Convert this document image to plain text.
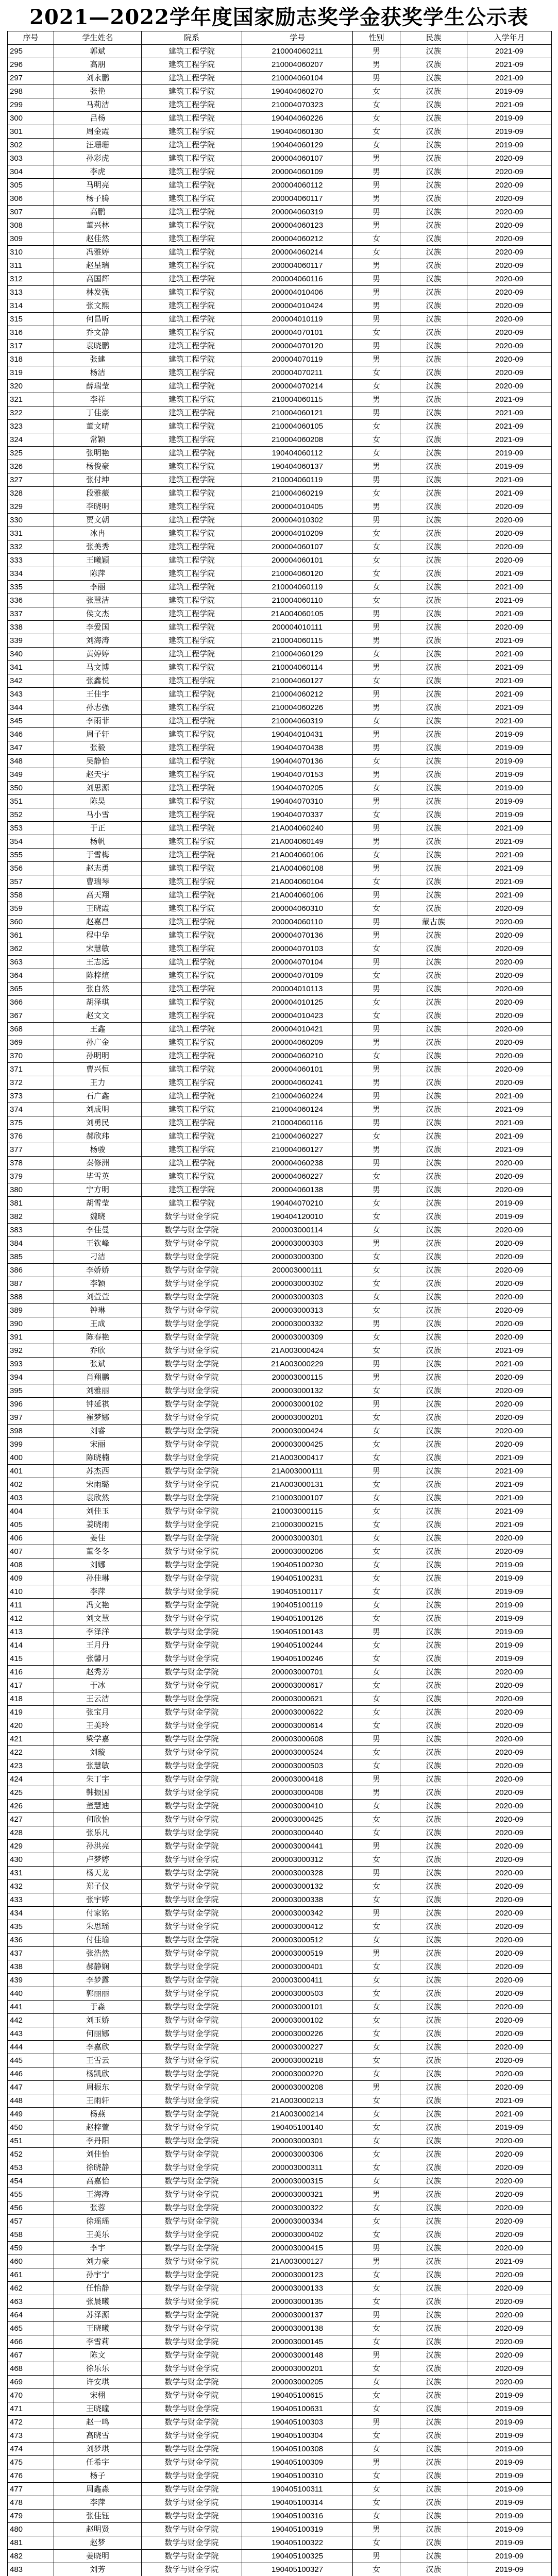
2021—2022学年度国家励志奖学金获奖学生公示表
序号	学生姓名	院系	学号	性别	民族	入学年月
295	郭斌	建筑工程学院	210004060211	男	汉族	2021-09
296	高朋	建筑工程学院	210004060207	男	汉族	2021-09
297	刘永鹏	建筑工程学院	210004060104	男	汉族	2021-09
298	张艳	建筑工程学院	190404060270	女	汉族	2019-09
299	马莉洁	建筑工程学院	210004070323	女	汉族	2021-09
300	吕杨	建筑工程学院	190404060226	女	汉族	2019-09
301	周金霞	建筑工程学院	190404060130	女	汉族	2019-09
302	汪珊珊	建筑工程学院	190404060129	女	汉族	2019-09
303	孙彩虎	建筑工程学院	200004060107	男	汉族	2020-09
304	李虎	建筑工程学院	200004060109	男	汉族	2020-09
305	马明亮	建筑工程学院	200004060112	男	汉族	2020-09
306	杨子腾	建筑工程学院	200004060117	男	汉族	2020-09
307	高鹏	建筑工程学院	200004060319	男	汉族	2020-09
308	董兴林	建筑工程学院	200004060123	男	汉族	2020-09
309	赵佳然	建筑工程学院	200004060212	女	汉族	2020-09
310	冯雅婷	建筑工程学院	200004060214	女	汉族	2020-09
311	赵星瑞	建筑工程学院	200004060117	男	汉族	2020-09
312	高国辉	建筑工程学院	200004060116	男	汉族	2020-09
313	林发强	建筑工程学院	200004010406	男	汉族	2020-09
314	张文熙	建筑工程学院	200004010424	男	汉族	2020-09
315	何昌昕	建筑工程学院	200004010119	男	汉族	2020-09
316	乔文静	建筑工程学院	200004070101	女	汉族	2020-09
317	袁晓鹏	建筑工程学院	200004070120	男	汉族	2020-09
318	张建	建筑工程学院	200004070119	男	汉族	2020-09
319	杨洁	建筑工程学院	200004070211	女	汉族	2020-09
320	薛瑞莹	建筑工程学院	200004070214	女	汉族	2020-09
321	李祥	建筑工程学院	210004060115	男	汉族	2021-09
322	丁佳豪	建筑工程学院	210004060121	男	汉族	2021-09
323	董文晴	建筑工程学院	210004060105	女	汉族	2021-09
324	常颖	建筑工程学院	210004060208	女	汉族	2021-09
325	张明艳	建筑工程学院	190404060112	女	汉族	2019-09
326	杨俊豪	建筑工程学院	190404060137	男	汉族	2019-09
327	张付坤	建筑工程学院	210004060119	男	汉族	2021-09
328	段雅薇	建筑工程学院	210004060219	女	汉族	2021-09
329	李晓明	建筑工程学院	200004010405	男	汉族	2020-09
330	贾文朝	建筑工程学院	200004010302	男	汉族	2020-09
331	冰冉	建筑工程学院	200004010209	女	汉族	2020-09
332	张美秀	建筑工程学院	200004060107	女	汉族	2020-09
333	王曦穎	建筑工程学院	200004060101	女	汉族	2020-09
334	陈萍	建筑工程学院	210004060120	女	汉族	2021-09
335	李丽	建筑工程学院	210004060119	女	汉族	2021-09
336	张慧洁	建筑工程学院	210004060110	女	汉族	2021-09
337	侯文杰	建筑工程学院	21A004060105	男	汉族	2021-09
338	李爱国	建筑工程学院	200004010111	男	汉族	2020-09
339	刘海涛	建筑工程学院	210004060115	男	汉族	2021-09
340	黄婷婷	建筑工程学院	210004060129	女	汉族	2021-09
341	马文博	建筑工程学院	210004060114	男	汉族	2021-09
342	张鑫悦	建筑工程学院	210004060127	女	汉族	2021-09
343	王佳宇	建筑工程学院	210004060212	男	汉族	2021-09
344	孙志强	建筑工程学院	210004060226	男	汉族	2021-09
345	李雨菲	建筑工程学院	210004060319	女	汉族	2021-09
346	周子轩	建筑工程学院	190404010431	男	汉族	2019-09
347	张毅	建筑工程学院	190404070438	男	汉族	2019-09
348	吴静怡	建筑工程学院	190404070136	女	汉族	2019-09
349	赵天宇	建筑工程学院	190404070153	男	汉族	2019-09
350	刘思源	建筑工程学院	190404070205	女	汉族	2019-09
351	陈昊	建筑工程学院	190404070310	男	汉族	2019-09
352	马小雪	建筑工程学院	190404070337	女	汉族	2019-09
353	于正	建筑工程学院	21A004060240	男	汉族	2021-09
354	杨帆	建筑工程学院	21A004060149	男	汉族	2021-09
355	于雪梅	建筑工程学院	21A004060106	女	汉族	2021-09
356	赵志勇	建筑工程学院	21A004060108	男	汉族	2021-09
357	曹瑞琴	建筑工程学院	21A004060104	女	汉族	2021-09
358	高天翔	建筑工程学院	21A004060106	男	汉族	2021-09
359	王晓霞	建筑工程学院	200004060310	女	汉族	2020-09
360	赵嘉昌	建筑工程学院	200004060110	男	蒙古族	2020-09
361	程中华	建筑工程学院	200004070136	男	汉族	2020-09
362	宋慧敏	建筑工程学院	200004070103	女	汉族	2020-09
363	王志远	建筑工程学院	200004070104	男	汉族	2020-09
364	陈梓煊	建筑工程学院	200004070109	女	汉族	2020-09
365	张自然	建筑工程学院	200004010113	男	汉族	2020-09
366	胡泽琪	建筑工程学院	200004010125	女	汉族	2020-09
367	赵文文	建筑工程学院	200004010423	女	汉族	2020-09
368	王鑫	建筑工程学院	200004010421	男	汉族	2020-09
369	孙广金	建筑工程学院	200004060209	男	汉族	2020-09
370	孙明明	建筑工程学院	200004060210	女	汉族	2020-09
371	曹兴恒	建筑工程学院	200004060101	男	汉族	2020-09
372	王力	建筑工程学院	200004060241	男	汉族	2020-09
373	石广鑫	建筑工程学院	210004060224	男	汉族	2021-09
374	刘成明	建筑工程学院	210004060124	男	汉族	2021-09
375	刘勇民	建筑工程学院	210004060116	男	汉族	2021-09
376	郝欣玮	建筑工程学院	210004060227	女	汉族	2021-09
377	杨骏	建筑工程学院	210004060127	男	汉族	2021-09
378	秦修洲	建筑工程学院	200004060238	男	汉族	2020-09
379	毕雪英	建筑工程学院	200004060227	女	汉族	2020-09
380	宁方明	建筑工程学院	200004060138	男	汉族	2020-09
381	胡雪莹	建筑工程学院	190404070210	女	汉族	2019-09
382	魏晓	数学与财金学院	190404120010	女	汉族	2019-09
383	李佳曼	数学与财金学院	200003000114	女	汉族	2020-09
384	王钦峰	数学与财金学院	200003000303	男	汉族	2020-09
385	刁洁	数学与财金学院	200003000300	女	汉族	2020-09
386	李娇娇	数学与财金学院	200003000111	女	汉族	2020-09
387	李颖	数学与财金学院	200003000302	女	汉族	2020-09
388	刘萱萱	数学与财金学院	200003000303	女	汉族	2020-09
389	钟琳	数学与财金学院	200003000313	女	汉族	2020-09
390	王成	数学与财金学院	200003000332	男	汉族	2020-09
391	陈春艳	数学与财金学院	200003000309	女	汉族	2020-09
392	乔欣	数学与财金学院	21A003000424	女	汉族	2021-09
393	张斌	数学与财金学院	21A003000229	男	汉族	2021-09
394	肖翔鹏	数学与财金学院	200003000115	男	汉族	2020-09
395	刘雅丽	数学与财金学院	200003000132	女	汉族	2020-09
396	钟延祺	数学与财金学院	200003000102	男	汉族	2020-09
397	崔梦娜	数学与财金学院	200003000201	女	汉族	2020-09
398	刘睿	数学与财金学院	200003000424	女	汉族	2020-09
399	宋丽	数学与财金学院	200003000425	女	汉族	2020-09
400	陈晓楠	数学与财金学院	21A003000417	女	汉族	2021-09
401	苏杰西	数学与财金学院	21A003000111	男	汉族	2021-09
402	宋雨璐	数学与财金学院	21A003000131	女	汉族	2021-09
403	袁欣然	数学与财金学院	210003000107	女	汉族	2021-09
404	刘佳玉	数学与财金学院	210003000115	女	汉族	2021-09
405	姜晓雨	数学与财金学院	210003000215	女	汉族	2021-09
406	姜佳	数学与财金学院	200003000301	女	汉族	2020-09
407	董冬冬	数学与财金学院	200003000206	女	汉族	2020-09
408	刘娜	数学与财金学院	190405100230	女	汉族	2019-09
409	孙佳琳	数学与财金学院	190405100231	女	汉族	2019-09
410	李萍	数学与财金学院	190405100117	女	汉族	2019-09
411	冯文艳	数学与财金学院	190405100119	女	汉族	2019-09
412	刘文慧	数学与财金学院	190405100126	女	汉族	2019-09
413	李泽洋	数学与财金学院	190405100143	男	汉族	2019-09
414	王月丹	数学与财金学院	190405100244	女	汉族	2019-09
415	张馨月	数学与财金学院	190405100246	女	汉族	2019-09
416	赵秀芳	数学与财金学院	200003000701	女	汉族	2020-09
417	于冰	数学与财金学院	200003000617	女	汉族	2020-09
418	王云洁	数学与财金学院	200003000621	女	汉族	2020-09
419	张宝月	数学与财金学院	200003000622	女	汉族	2020-09
420	王美玲	数学与财金学院	200003000614	女	汉族	2020-09
421	梁学嘉	数学与财金学院	200003000608	男	汉族	2020-09
422	刘璇	数学与财金学院	200003000524	女	汉族	2020-09
423	张慧敏	数学与财金学院	200003000503	女	汉族	2020-09
424	朱丁宇	数学与财金学院	200003000418	男	汉族	2020-09
425	韩振国	数学与财金学院	200003000408	男	汉族	2020-09
426	董慧迪	数学与财金学院	200003000410	女	汉族	2020-09
427	何欣怡	数学与财金学院	200003000425	女	汉族	2020-09
428	张乐凡	数学与财金学院	200003000440	女	汉族	2020-09
429	孙洪亮	数学与财金学院	200003000441	男	汉族	2020-09
430	卢梦婷	数学与财金学院	200003000312	女	汉族	2020-09
431	杨天龙	数学与财金学院	200003000328	男	汉族	2020-09
432	郑子仪	数学与财金学院	200003000132	女	汉族	2020-09
433	张宇婷	数学与财金学院	200003000338	女	汉族	2020-09
434	付家铭	数学与财金学院	200003000342	男	汉族	2020-09
435	朱思瑶	数学与财金学院	200003000412	女	汉族	2020-09
436	付佳瑜	数学与财金学院	200003000512	女	汉族	2020-09
437	张浩然	数学与财金学院	200003000519	男	汉族	2020-09
438	郝静娴	数学与财金学院	200003000401	女	汉族	2020-09
439	李梦露	数学与财金学院	200003000411	女	汉族	2020-09
440	郭丽丽	数学与财金学院	200003000503	女	汉族	2020-09
441	于淼	数学与财金学院	200003000101	女	汉族	2020-09
442	刘玉娇	数学与财金学院	200003000102	女	汉族	2020-09
443	何丽娜	数学与财金学院	200003000226	女	汉族	2020-09
444	李嘉欣	数学与财金学院	200003000227	女	汉族	2020-09
445	王雪云	数学与财金学院	200003000218	女	汉族	2020-09
446	杨凯欣	数学与财金学院	200003000220	女	汉族	2020-09
447	周振东	数学与财金学院	200003000208	男	汉族	2020-09
448	王雨轩	数学与财金学院	21A003000213	女	汉族	2021-09
449	杨燕	数学与财金学院	21A003000214	女	汉族	2021-09
450	赵梓萱	数学与财金学院	190405100140	女	汉族	2019-09
451	李丹阳	数学与财金学院	200003000301	女	汉族	2020-09
452	刘佳怡	数学与财金学院	200003000306	女	汉族	2020-09
453	徐晓静	数学与财金学院	200003000311	女	汉族	2020-09
454	高嘉怡	数学与财金学院	200003000315	女	汉族	2020-09
455	王海涛	数学与财金学院	200003000321	男	汉族	2020-09
456	张蓉	数学与财金学院	200003000322	女	汉族	2020-09
457	徐瑶瑶	数学与财金学院	200003000334	女	汉族	2020-09
458	王美乐	数学与财金学院	200003000402	女	汉族	2020-09
459	李宇	数学与财金学院	200003000415	男	汉族	2020-09
460	刘力豪	数学与财金学院	21A003000127	男	汉族	2021-09
461	孙宇宁	数学与财金学院	200003000123	女	汉族	2020-09
462	任怡静	数学与财金学院	200003000133	女	汉族	2020-09
463	张晨曦	数学与财金学院	200003000135	女	汉族	2020-09
464	苏泽源	数学与财金学院	200003000137	男	汉族	2020-09
465	王晓曦	数学与财金学院	200003000138	女	汉族	2020-09
466	李雪莉	数学与财金学院	200003000145	女	汉族	2020-09
467	陈文	数学与财金学院	200003000148	男	汉族	2020-09
468	徐乐乐	数学与财金学院	200003000201	女	汉族	2020-09
469	许安琪	数学与财金学院	200003000205	女	汉族	2020-09
470	宋栩	数学与财金学院	190405100615	女	汉族	2019-09
471	王晓曈	数学与财金学院	190405100631	女	汉族	2019-09
472	赵一鸣	数学与财金学院	190405100303	男	汉族	2019-09
473	高晓雪	数学与财金学院	190405100304	女	汉族	2019-09
474	刘梦琪	数学与财金学院	190405100308	女	汉族	2019-09
475	任希宇	数学与财金学院	190405100309	男	汉族	2019-09
476	杨子	数学与财金学院	190405100310	女	汉族	2019-09
477	周鑫淼	数学与财金学院	190405100311	女	汉族	2019-09
478	李萍	数学与财金学院	190405100314	女	汉族	2019-09
479	张佳钰	数学与财金学院	190405100316	女	汉族	2019-09
480	赵明贤	数学与财金学院	190405100319	男	汉族	2019-09
481	赵梦	数学与财金学院	190405100322	女	汉族	2019-09
482	姜晓明	数学与财金学院	190405100325	男	汉族	2019-09
483	刘芳	数学与财金学院	190405100327	女	汉族	2019-09
